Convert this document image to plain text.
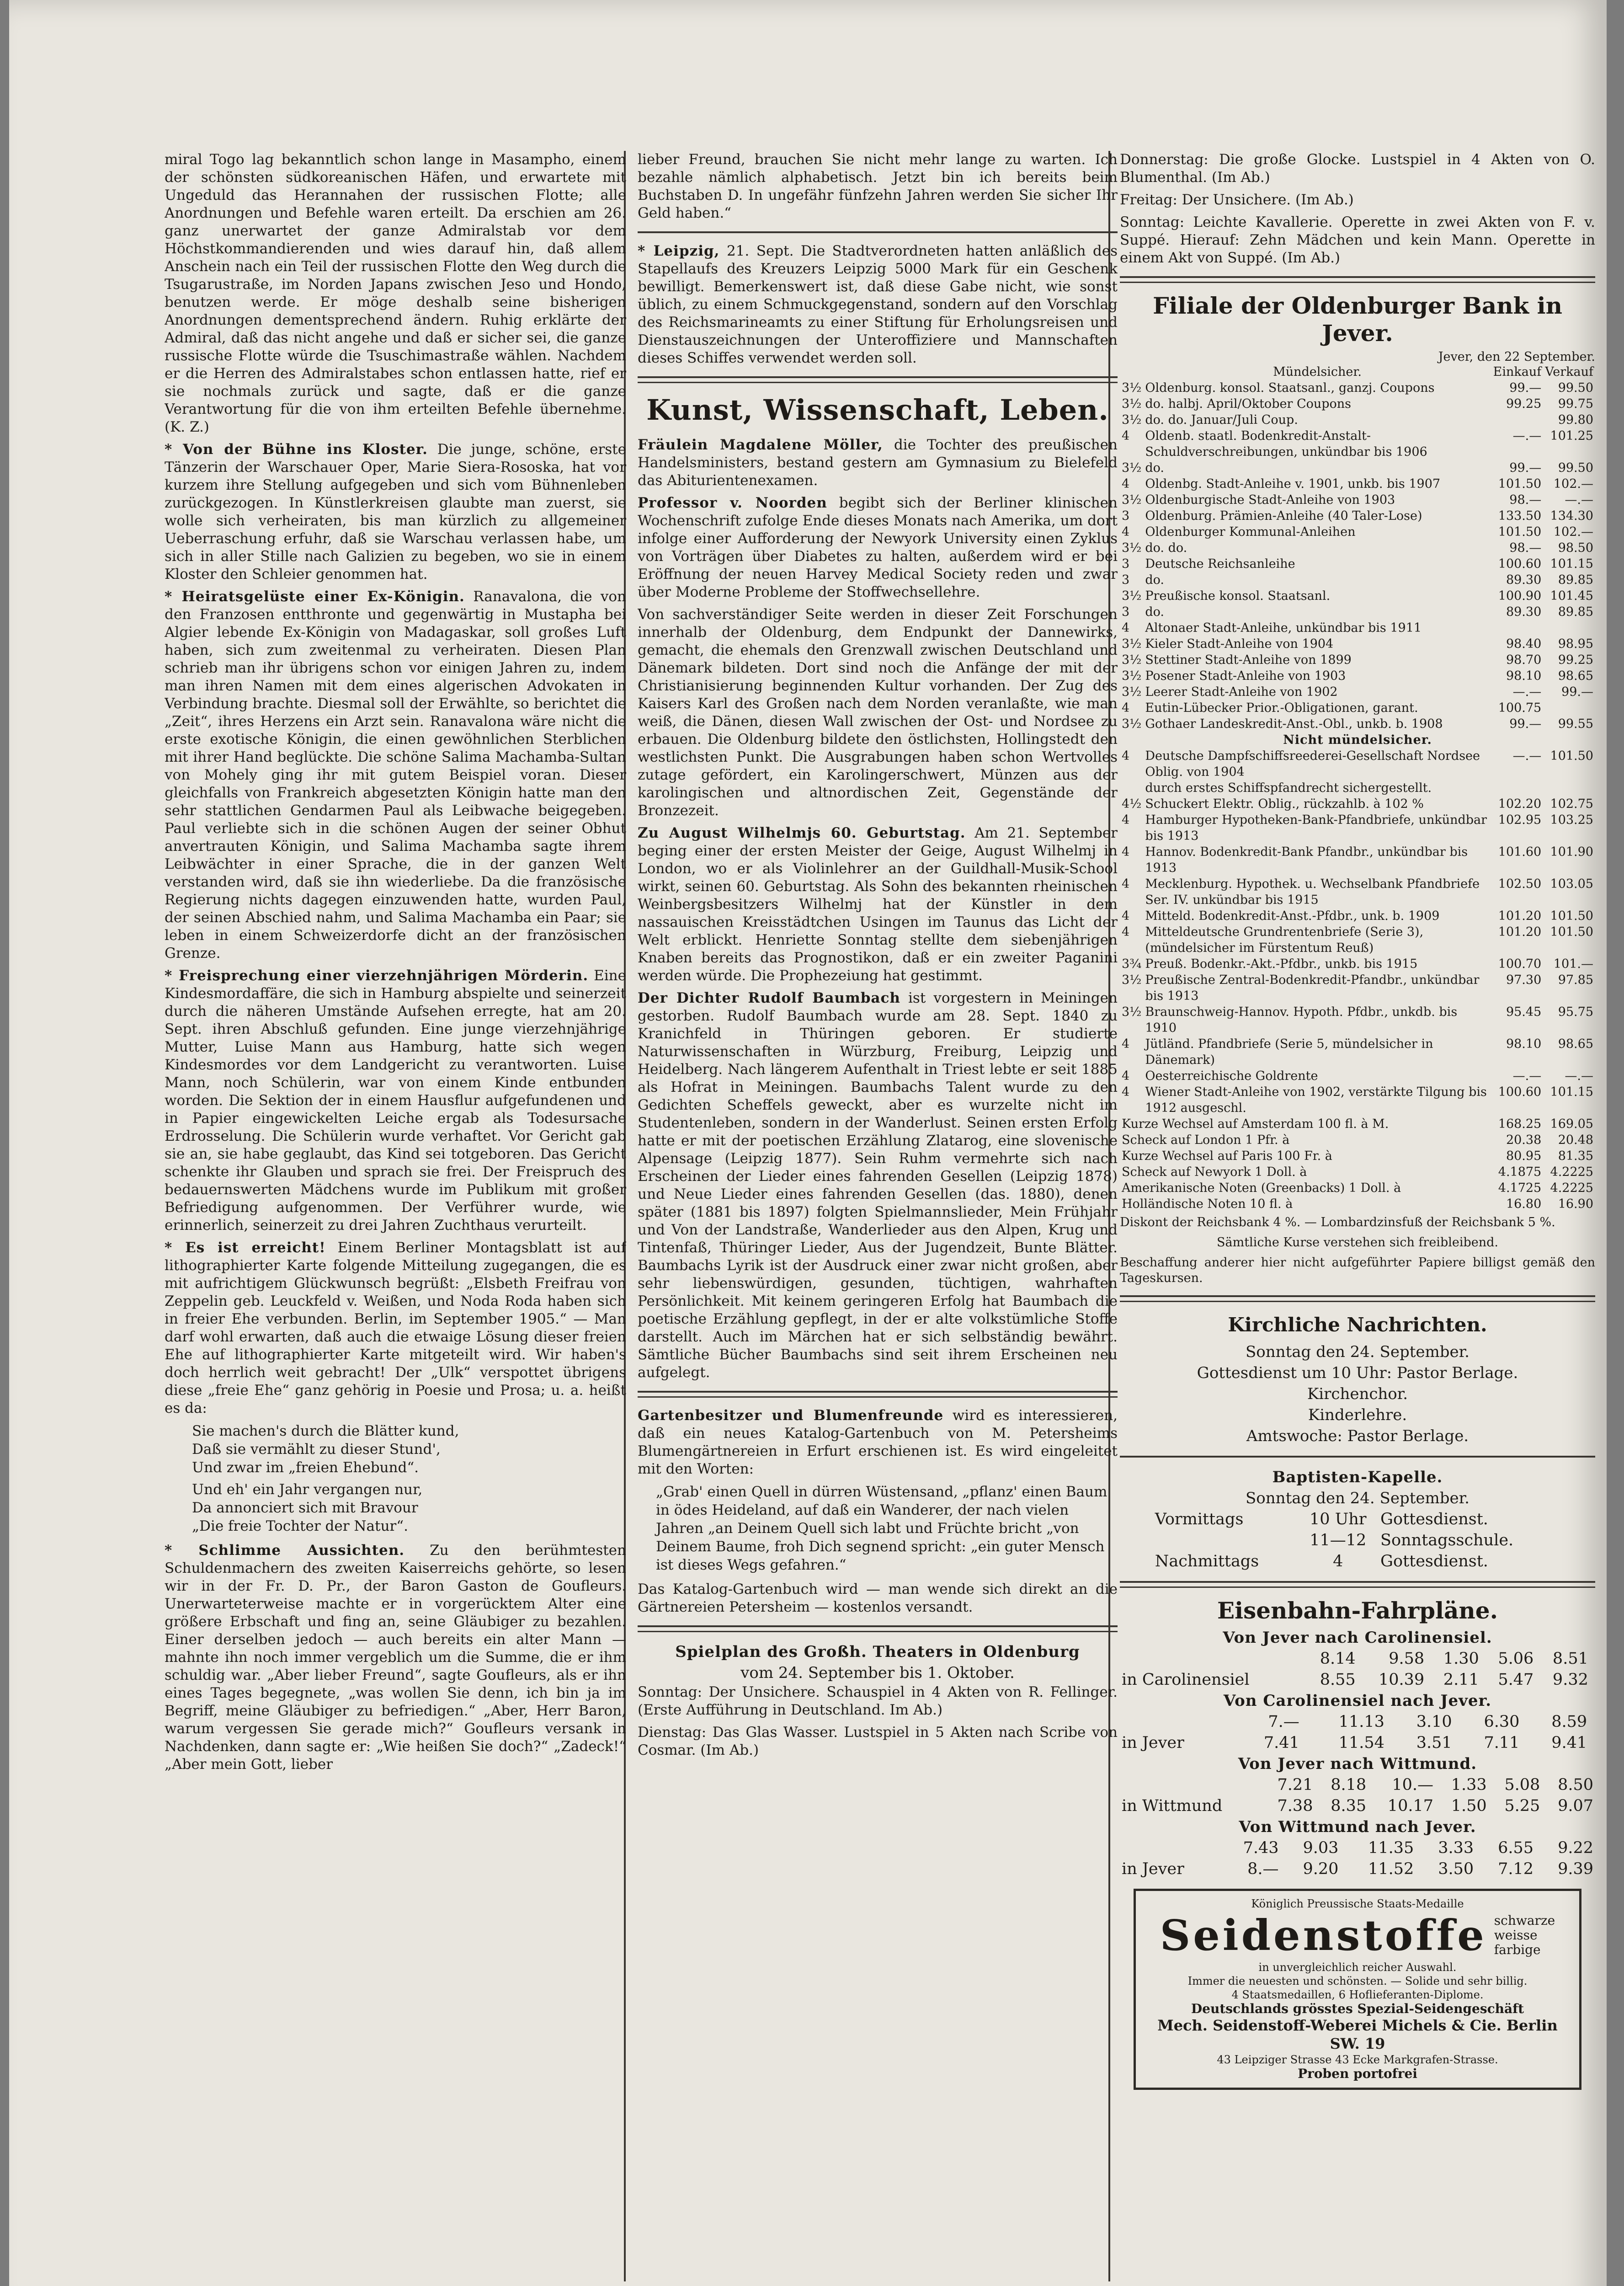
miral Togo lag bekanntlich schon lange in Masampho, einem der schönsten südkoreanischen Häfen, und erwartete mit Ungeduld das Herannahen der russischen Flotte; alle Anordnungen und Befehle waren erteilt. Da erschien am 26. ganz unerwartet der ganze Admiralstab vor dem Höchstkommandierenden und wies darauf hin, daß allem Anschein nach ein Teil der russischen Flotte den Weg durch die Tsugarustraße, im Norden Japans zwischen Jeso und Hondo, benutzen werde. Er möge deshalb seine bisherigen Anordnungen dementsprechend ändern. Ruhig erklärte der Admiral, daß das nicht angehe und daß er sicher sei, die ganze russische Flotte würde die Tsuschimastraße wählen. Nachdem er die Herren des Admiralstabes schon entlassen hatte, rief er sie nochmals zurück und sagte, daß er die ganze Verantwortung für die von ihm erteilten Befehle übernehme. (K. Z.)

* Von der Bühne ins Kloster. Die junge, schöne, erste Tänzerin der Warschauer Oper, Marie Siera-Rososka, hat vor kurzem ihre Stellung aufgegeben und sich vom Bühnenleben zurückgezogen. In Künstlerkreisen glaubte man zuerst, sie wolle sich verheiraten, bis man kürzlich zu allgemeiner Ueberraschung erfuhr, daß sie Warschau verlassen habe, um sich in aller Stille nach Galizien zu begeben, wo sie in einem Kloster den Schleier genommen hat.

* Heiratsgelüste einer Ex-Königin. Ranavalona, die von den Franzosen entthronte und gegenwärtig in Mustapha bei Algier lebende Ex-Königin von Madagaskar, soll großes Luft haben, sich zum zweitenmal zu verheiraten. Diesen Plan schrieb man ihr übrigens schon vor einigen Jahren zu, indem man ihren Namen mit dem eines algerischen Advokaten in Verbindung brachte. Diesmal soll der Erwählte, so berichtet die „Zeit“, ihres Herzens ein Arzt sein. Ranavalona wäre nicht die erste exotische Königin, die einen gewöhnlichen Sterblichen mit ihrer Hand beglückte. Die schöne Salima Machamba-Sultan von Mohely ging ihr mit gutem Beispiel voran. Dieser gleichfalls von Frankreich abgesetzten Königin hatte man den sehr stattlichen Gendarmen Paul als Leibwache beigegeben. Paul verliebte sich in die schönen Augen der seiner Obhut anvertrauten Königin, und Salima Machamba sagte ihrem Leibwächter in einer Sprache, die in der ganzen Welt verstanden wird, daß sie ihn wiederliebe. Da die französische Regierung nichts dagegen einzuwenden hatte, wurden Paul, der seinen Abschied nahm, und Salima Machamba ein Paar; sie leben in einem Schweizerdorfe dicht an der französischen Grenze.

* Freisprechung einer vierzehnjährigen Mörderin. Eine Kindesmordaffäre, die sich in Hamburg abspielte und seinerzeit durch die näheren Umstände Aufsehen erregte, hat am 20. Sept. ihren Abschluß gefunden. Eine junge vierzehnjährige Mutter, Luise Mann aus Hamburg, hatte sich wegen Kindesmordes vor dem Landgericht zu verantworten. Luise Mann, noch Schülerin, war von einem Kinde entbunden worden. Die Sektion der in einem Hausflur aufgefundenen und in Papier eingewickelten Leiche ergab als Todesursache Erdrosselung. Die Schülerin wurde verhaftet. Vor Gericht gab sie an, sie habe geglaubt, das Kind sei totgeboren. Das Gericht schenkte ihr Glauben und sprach sie frei. Der Freispruch des bedauernswerten Mädchens wurde im Publikum mit großer Befriedigung aufgenommen. Der Verführer wurde, wie erinnerlich, seinerzeit zu drei Jahren Zuchthaus verurteilt.

* Es ist erreicht! Einem Berliner Montagsblatt ist auf lithographierter Karte folgende Mitteilung zugegangen, die es mit aufrichtigem Glückwunsch begrüßt: „Elsbeth Freifrau von Zeppelin geb. Leuckfeld v. Weißen, und Noda Roda haben sich in freier Ehe verbunden. Berlin, im September 1905.“ — Man darf wohl erwarten, daß auch die etwaige Lösung dieser freien Ehe auf lithographierter Karte mitgeteilt wird. Wir haben's doch herrlich weit gebracht! Der „Ulk“ verspottet übrigens diese „freie Ehe“ ganz gehörig in Poesie und Prosa; u. a. heißt es da:

Sie machen's durch die Blätter kund,
Daß sie vermählt zu dieser Stund',
Und zwar im „freien Ehebund“.
Und eh' ein Jahr vergangen nur,
Da annonciert sich mit Bravour
„Die freie Tochter der Natur“.

* Schlimme Aussichten. Zu den berühmtesten Schuldenmachern des zweiten Kaiserreichs gehörte, so lesen wir in der Fr. D. Pr., der Baron Gaston de Goufleurs. Unerwarteterweise machte er in vorgerücktem Alter eine größere Erbschaft und fing an, seine Gläubiger zu bezahlen. Einer derselben jedoch — auch bereits ein alter Mann — mahnte ihn noch immer vergeblich um die Summe, die er ihm schuldig war. „Aber lieber Freund“, sagte Goufleurs, als er ihn eines Tages begegnete, „was wollen Sie denn, ich bin ja im Begriff, meine Gläubiger zu befriedigen.“ „Aber, Herr Baron, warum vergessen Sie gerade mich?“ Goufleurs versank in Nachdenken, dann sagte er: „Wie heißen Sie doch?“ „Zadeck!“ „Aber mein Gott, lieber

lieber Freund, brauchen Sie nicht mehr lange zu warten. Ich bezahle nämlich alphabetisch. Jetzt bin ich bereits beim Buchstaben D. In ungefähr fünfzehn Jahren werden Sie sicher Ihr Geld haben.“

* Leipzig, 21. Sept. Die Stadtverordneten hatten anläßlich des Stapellaufs des Kreuzers Leipzig 5000 Mark für ein Geschenk bewilligt. Bemerkenswert ist, daß diese Gabe nicht, wie sonst üblich, zu einem Schmuckgegenstand, sondern auf den Vorschlag des Reichsmarineamts zu einer Stiftung für Erholungsreisen und Dienstauszeichnungen der Unteroffiziere und Mannschaften dieses Schiffes verwendet werden soll.

Kunst, Wissenschaft, Leben.

Fräulein Magdalene Möller, die Tochter des preußischen Handelsministers, bestand gestern am Gymnasium zu Bielefeld das Abiturientenexamen.

Professor v. Noorden begibt sich der Berliner klinischen Wochenschrift zufolge Ende dieses Monats nach Amerika, um dort infolge einer Aufforderung der Newyork University einen Zyklus von Vorträgen über Diabetes zu halten, außerdem wird er bei Eröffnung der neuen Harvey Medical Society reden und zwar über Moderne Probleme der Stoffwechsellehre.

Von sachverständiger Seite werden in dieser Zeit Forschungen innerhalb der Oldenburg, dem Endpunkt der Dannewirks, gemacht, die ehemals den Grenzwall zwischen Deutschland und Dänemark bildeten. Dort sind noch die Anfänge der mit der Christianisierung beginnenden Kultur vorhanden. Der Zug des Kaisers Karl des Großen nach dem Norden veranlaßte, wie man weiß, die Dänen, diesen Wall zwischen der Ost- und Nordsee zu erbauen. Die Oldenburg bildete den östlichsten, Hollingstedt den westlichsten Punkt. Die Ausgrabungen haben schon Wertvolles zutage gefördert, ein Karolingerschwert, Münzen aus der karolingischen und altnordischen Zeit, Gegenstände der Bronzezeit.

Zu August Wilhelmjs 60. Geburtstag. Am 21. September beging einer der ersten Meister der Geige, August Wilhelmj in London, wo er als Violinlehrer an der Guildhall-Musik-School wirkt, seinen 60. Geburtstag. Als Sohn des bekannten rheinischen Weinbergsbesitzers Wilhelmj hat der Künstler in dem nassauischen Kreisstädtchen Usingen im Taunus das Licht der Welt erblickt. Henriette Sonntag stellte dem siebenjährigen Knaben bereits das Prognostikon, daß er ein zweiter Paganini werden würde. Die Prophezeiung hat gestimmt.

Der Dichter Rudolf Baumbach ist vorgestern in Meiningen gestorben. Rudolf Baumbach wurde am 28. Sept. 1840 zu Kranichfeld in Thüringen geboren. Er studierte Naturwissenschaften in Würzburg, Freiburg, Leipzig und Heidelberg. Nach längerem Aufenthalt in Triest lebte er seit 1885 als Hofrat in Meiningen. Baumbachs Talent wurde zu den Gedichten Scheffels geweckt, aber es wurzelte nicht im Studentenleben, sondern in der Wanderlust. Seinen ersten Erfolg hatte er mit der poetischen Erzählung Zlatarog, eine slovenische Alpensage (Leipzig 1877). Sein Ruhm vermehrte sich nach Erscheinen der Lieder eines fahrenden Gesellen (Leipzig 1878) und Neue Lieder eines fahrenden Gesellen (das. 1880), denen später (1881 bis 1897) folgten Spielmannslieder, Mein Frühjahr und Von der Landstraße, Wanderlieder aus den Alpen, Krug und Tintenfaß, Thüringer Lieder, Aus der Jugendzeit, Bunte Blätter. Baumbachs Lyrik ist der Ausdruck einer zwar nicht großen, aber sehr liebenswürdigen, gesunden, tüchtigen, wahrhaften Persönlichkeit. Mit keinem geringeren Erfolg hat Baumbach die poetische Erzählung gepflegt, in der er alte volkstümliche Stoffe darstellt. Auch im Märchen hat er sich selbständig bewährt. Sämtliche Bücher Baumbachs sind seit ihrem Erscheinen neu aufgelegt.

Gartenbesitzer und Blumenfreunde wird es interessieren, daß ein neues Katalog-Gartenbuch von M. Petersheims Blumengärtnereien in Erfurt erschienen ist. Es wird eingeleitet mit den Worten:

„Grab' einen Quell in dürren Wüstensand, „pflanz' einen Baum in ödes Heideland, auf daß ein Wanderer, der nach vielen Jahren „an Deinem Quell sich labt und Früchte bricht „von Deinem Baume, froh Dich segnend spricht: „ein guter Mensch ist dieses Wegs gefahren.“

Das Katalog-Gartenbuch wird — man wende sich direkt an die Gärtnereien Petersheim — kostenlos versandt.

Spielplan des Großh. Theaters in Oldenburg
vom 24. September bis 1. Oktober.

Sonntag: Der Unsichere. Schauspiel in 4 Akten von R. Fellinger. (Erste Aufführung in Deutschland. Im Ab.)

Dienstag: Das Glas Wasser. Lustspiel in 5 Akten nach Scribe von Cosmar. (Im Ab.)

Donnerstag: Die große Glocke. Lustspiel in 4 Akten von O. Blumenthal. (Im Ab.)

Freitag: Der Unsichere. (Im Ab.)

Sonntag: Leichte Kavallerie. Operette in zwei Akten von F. v. Suppé. Hierauf: Zehn Mädchen und kein Mann. Operette in einem Akt von Suppé. (Im Ab.)

Filiale der Oldenburger Bank in Jever.
Jever, den 22 September.
	Mündelsicher.	Einkauf	Verkauf
3½	Oldenburg. konsol. Staatsanl., ganzj. Coupons	99.—	99.50
3½	do. halbj. April/Oktober Coupons	99.25	99.75
3½	do. do. Januar/Juli Coup.		99.80
4	Oldenb. staatl. Bodenkredit-Anstalt-Schuldverschreibungen, unkündbar bis 1906	—.—	101.25
3½	do.	99.—	99.50
4	Oldenbg. Stadt-Anleihe v. 1901, unkb. bis 1907	101.50	102.—
3½	Oldenburgische Stadt-Anleihe von 1903	98.—	—.—
3	Oldenburg. Prämien-Anleihe (40 Taler-Lose)	133.50	134.30
4	Oldenburger Kommunal-Anleihen	101.50	102.—
3½	do. do.	98.—	98.50
3	Deutsche Reichsanleihe	100.60	101.15
3	do.	89.30	89.85
3½	Preußische konsol. Staatsanl.	100.90	101.45
3	do.	89.30	89.85
4	Altonaer Stadt-Anleihe, unkündbar bis 1911		
3½	Kieler Stadt-Anleihe von 1904	98.40	98.95
3½	Stettiner Stadt-Anleihe von 1899	98.70	99.25
3½	Posener Stadt-Anleihe von 1903	98.10	98.65
3½	Leerer Stadt-Anleihe von 1902	—.—	99.—
4	Eutin-Lübecker Prior.-Obligationen, garant.	100.75	
3½	Gothaer Landeskredit-Anst.-Obl., unkb. b. 1908	99.—	99.55
Nicht mündelsicher.			
4	Deutsche Dampfschiffsreederei-Gesellschaft Nordsee Oblig. von 1904	—.—	101.50
	durch erstes Schiffspfandrecht sichergestellt.		
4½	Schuckert Elektr. Oblig., rückzahlb. à 102 %	102.20	102.75
4	Hamburger Hypotheken-Bank-Pfandbriefe, unkündbar bis 1913	102.95	103.25
4	Hannov. Bodenkredit-Bank Pfandbr., unkündbar bis 1913	101.60	101.90
4	Mecklenburg. Hypothek. u. Wechselbank Pfandbriefe Ser. IV. unkündbar bis 1915	102.50	103.05
4	Mitteld. Bodenkredit-Anst.-Pfdbr., unk. b. 1909	101.20	101.50
4	Mitteldeutsche Grundrentenbriefe (Serie 3), (mündelsicher im Fürstentum Reuß)	101.20	101.50
3¾	Preuß. Bodenkr.-Akt.-Pfdbr., unkb. bis 1915	100.70	101.—
3½	Preußische Zentral-Bodenkredit-Pfandbr., unkündbar bis 1913	97.30	97.85
3½	Braunschweig-Hannov. Hypoth. Pfdbr., unkdb. bis 1910	95.45	95.75
4	Jütländ. Pfandbriefe (Serie 5, mündelsicher in Dänemark)	98.10	98.65
4	Oesterreichische Goldrente	—.—	—.—
4	Wiener Stadt-Anleihe von 1902, verstärkte Tilgung bis 1912 ausgeschl.	100.60	101.15
Kurze Wechsel auf Amsterdam 100 fl. à M.		168.25	169.05
Scheck auf London 1 Pfr. à		20.38	20.48
Kurze Wechsel auf Paris 100 Fr. à		80.95	81.35
Scheck auf Newyork 1 Doll. à		4.1875	4.2225
Amerikanische Noten (Greenbacks) 1 Doll. à		4.1725	4.2225
Holländische Noten 10 fl. à		16.80	16.90

Diskont der Reichsbank 4 %. — Lombardzinsfuß der Reichsbank 5 %.

Sämtliche Kurse verstehen sich freibleibend.

Beschaffung anderer hier nicht aufgeführter Papiere billigst gemäß den Tageskursen.

Kirchliche Nachrichten.
Sonntag den 24. September.
Gottesdienst um 10 Uhr: Pastor Berlage.
Kirchenchor.
Kinderlehre.
Amtswoche: Pastor Berlage.
Baptisten-Kapelle.
Sonntag den 24. September.
Vormittags	10 Uhr	Gottesdienst.
	11—12	Sonntagsschule.
Nachmittags	4	Gottesdienst.
Eisenbahn-Fahrpläne.
Von Jever nach Carolinensiel.
	8.14	9.58	1.30	5.06	8.51	
in Carolinensiel	8.55	10.39	2.11	5.47	9.32	
Von Carolinensiel nach Jever.
	7.—	11.13	3.10	6.30	8.59	
in Jever	7.41	11.54	3.51	7.11	9.41	
Von Jever nach Wittmund.
	7.21	8.18	10.—	1.33	5.08	8.50
in Wittmund	7.38	8.35	10.17	1.50	5.25	9.07
Von Wittmund nach Jever.
	7.43	9.03	11.35	3.33	6.55	9.22
in Jever	8.—	9.20	11.52	3.50	7.12	9.39
Königlich Preussische Staats-Medaille
Seidenstoffe schwarze
weisse
farbige
in unvergleichlich reicher Auswahl.
Immer die neuesten und schönsten. — Solide und sehr billig.
4 Staatsmedaillen, 6 Hoflieferanten-Diplome.
Deutschlands grösstes Spezial-Seidengeschäft
Mech. Seidenstoff-Weberei Michels & Cie. Berlin SW. 19
43 Leipziger Strasse 43 Ecke Markgrafen-Strasse.
Proben portofrei
